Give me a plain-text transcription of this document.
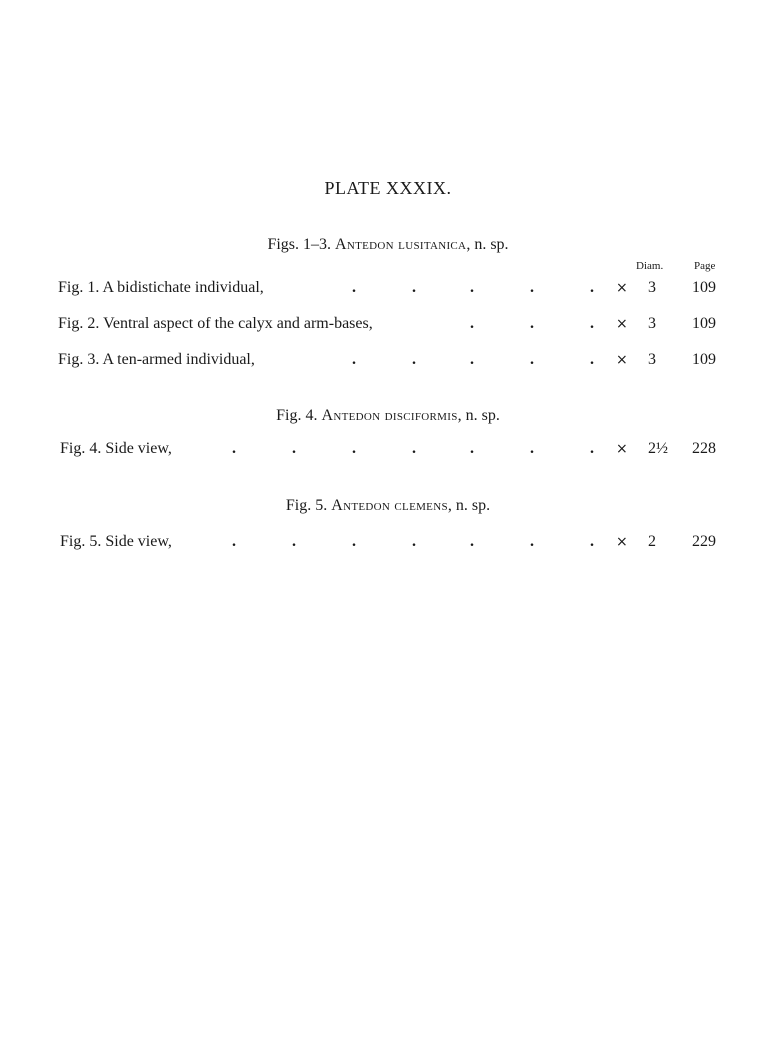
PLATE XXXIX.
Figs. 1–3. Antedon lusitanica, n. sp.
Diam.	Page
Fig. 1. A bidistichate individual,	.	.	.	.	. × 3 109
Fig. 2. Ventral aspect of the calyx and arm-bases,	.	.	. × 3 109
Fig. 3. A ten-armed individual,	.	.	.	.	. × 3 109
Fig. 4. Antedon disciformis, n. sp.
Fig. 4. Side view,	.	.	.	.	.	.	. × 2½ 228
Fig. 5. Antedon clemens, n. sp.
Fig. 5. Side view,	.	.	.	.	.	.	. × 2 229
